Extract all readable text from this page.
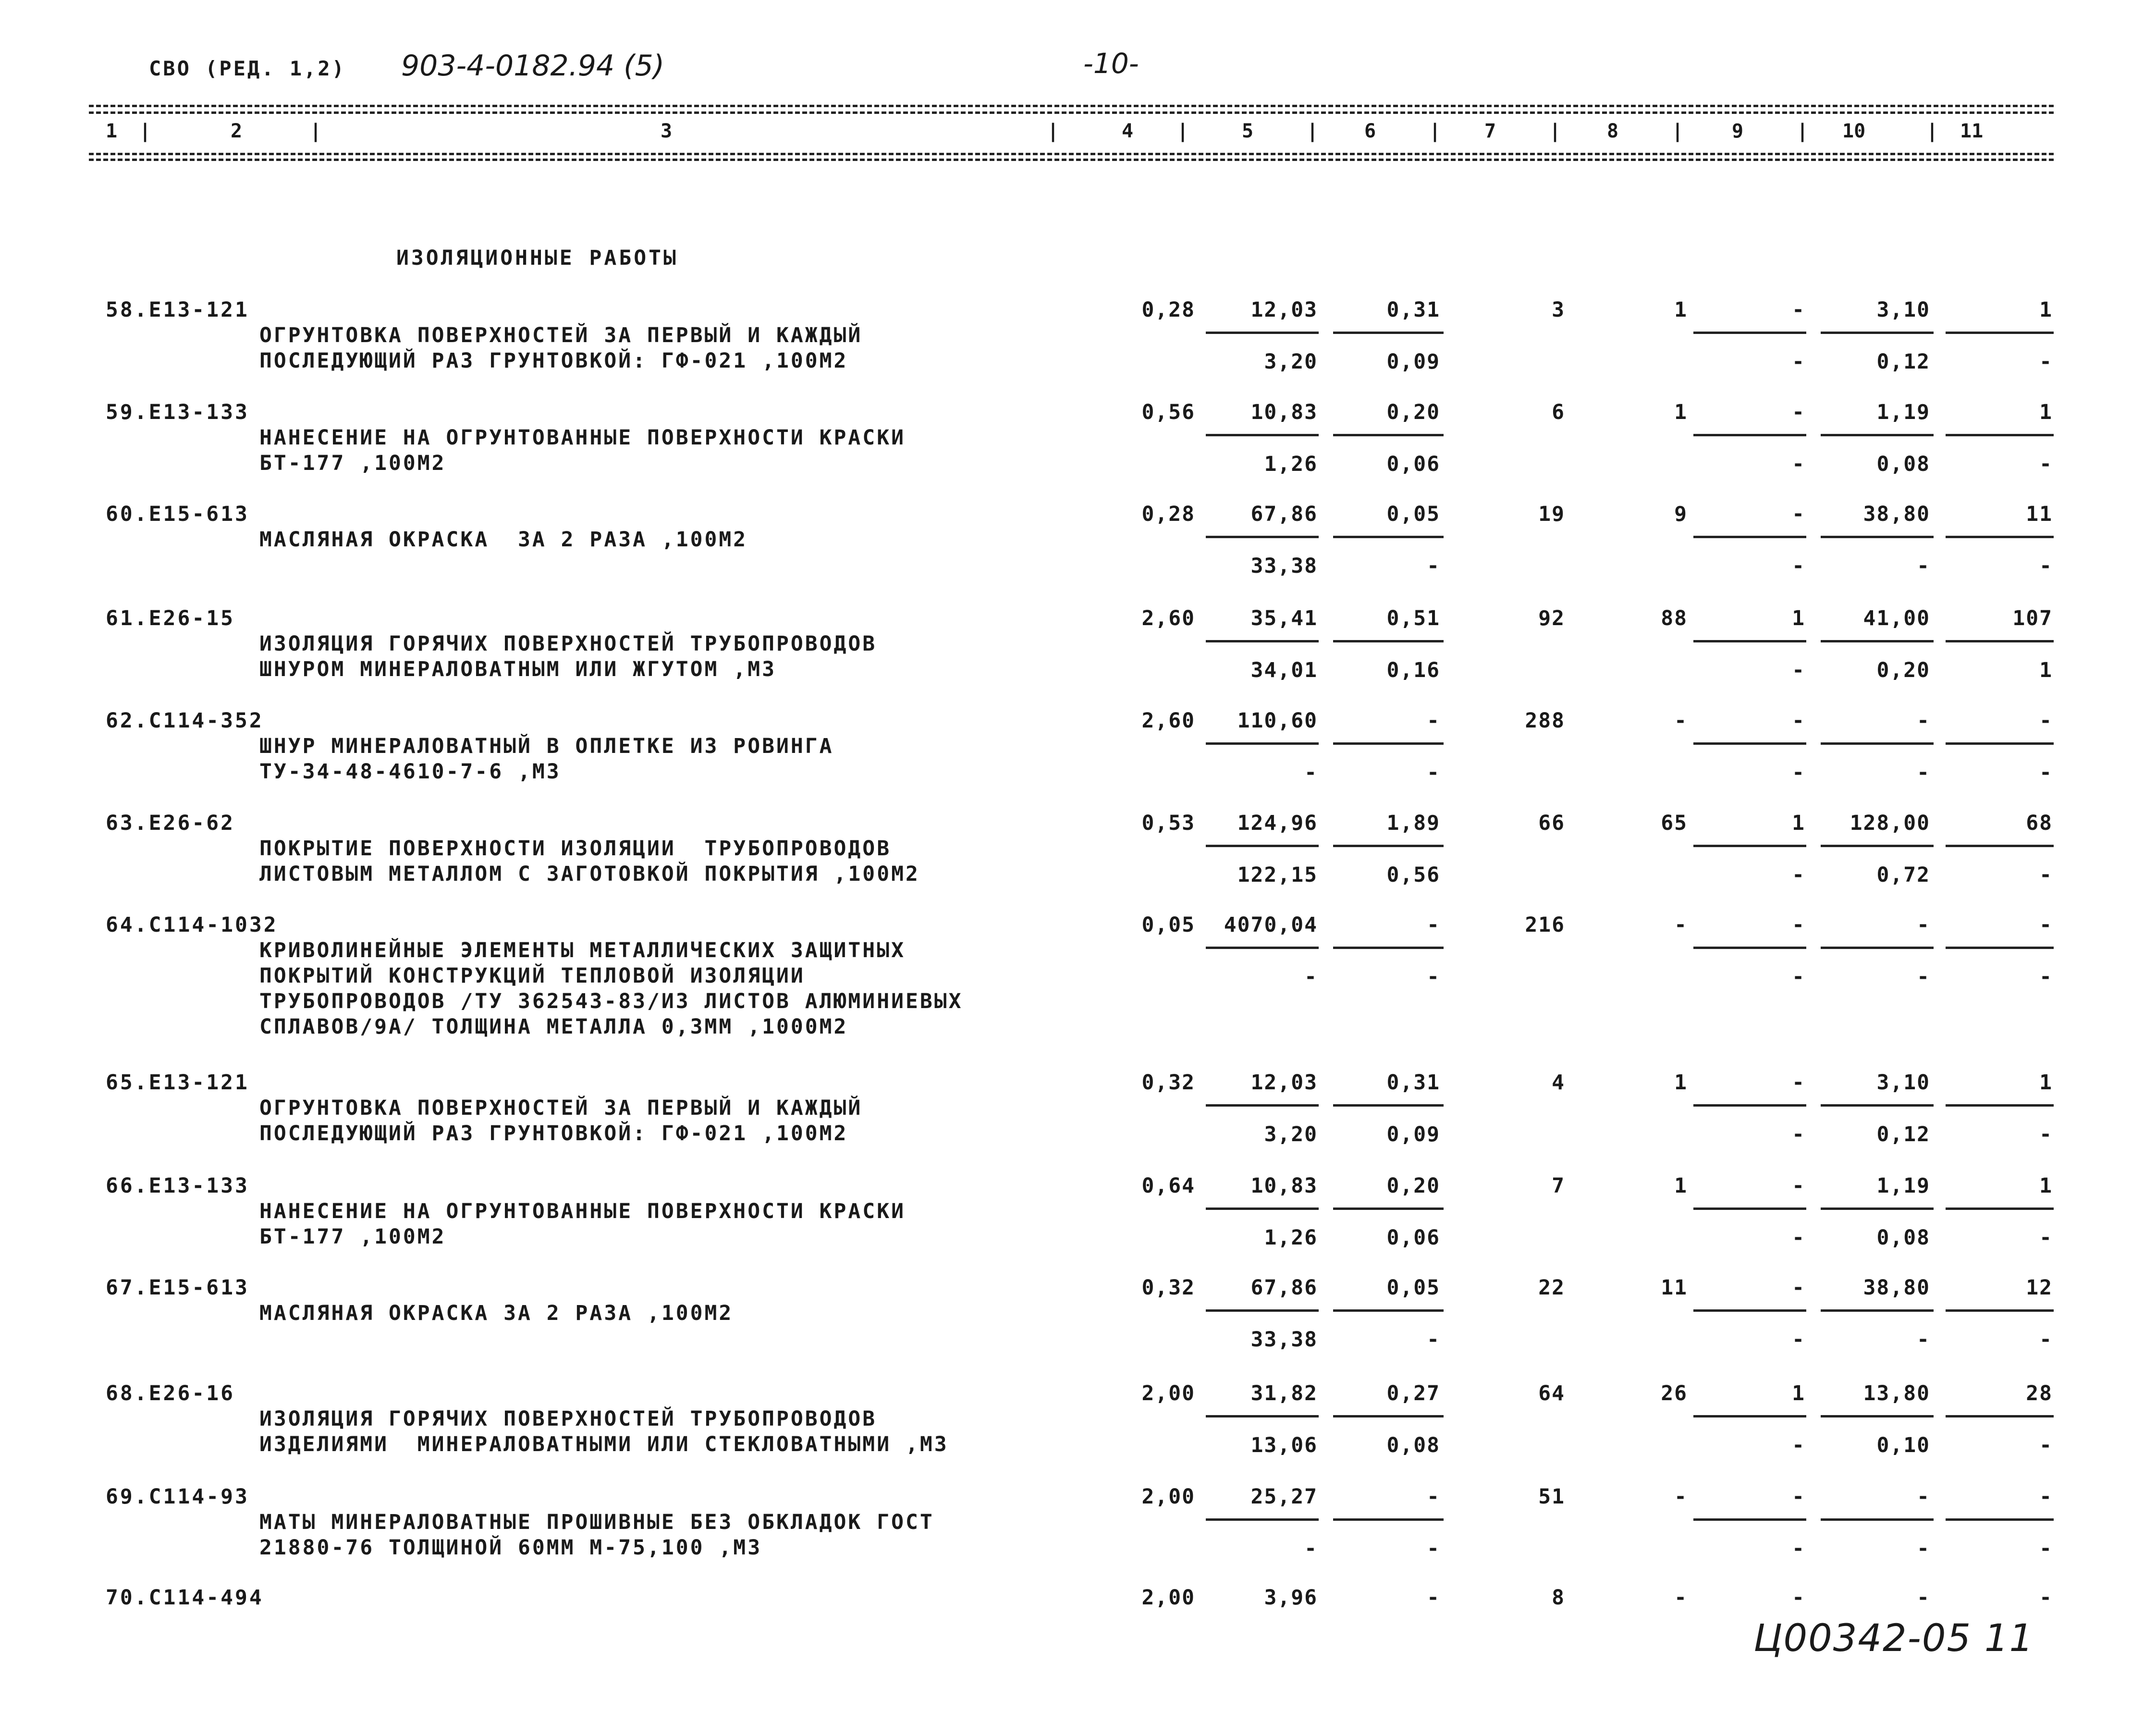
СВО (РЕД. 1,2) 903-4-0182.94 (5)	-10-
1 |	2	|	3	|	4 |	5	| 6	| 7	| 8	|	9	| 10	| 11
ИЗОЛЯЦИОННЫЕ РАБОТЫ
58.Е13-121
ОГРУНТОВКА ПОВЕРХНОСТЕЙ ЗА ПЕРВЫЙ И КАЖДЫЙ
ПОСЛЕДУЮЩИЙ РАЗ ГРУНТОВКОЙ: ГФ-021 ,100М2
0,28	12,03	0,31	3	1	-	3,10	1
3,20	0,09	-	0,12	-
59.Е13-133
НАНЕСЕНИЕ НА ОГРУНТОВАННЫЕ ПОВЕРХНОСТИ КРАСКИ
БТ-177 ,100М2
0,56	10,83	0,20	6	1	-	1,19	1
1,26	0,06	-	0,08	-
60.Е15-613
МАСЛЯНАЯ ОКРАСКА  ЗА 2 РАЗА ,100М2
0,28	67,86	0,05	19	9	-	38,80	11
33,38	-	-	-	-
61.Е26-15
ИЗОЛЯЦИЯ ГОРЯЧИХ ПОВЕРХНОСТЕЙ ТРУБОПРОВОДОВ
ШНУРОМ МИНЕРАЛОВАТНЫМ ИЛИ ЖГУТОМ ,М3
2,60	35,41	0,51	92	88	1	41,00	107
34,01	0,16	-	0,20	1
62.С114-352
ШНУР МИНЕРАЛОВАТНЫЙ В ОПЛЕТКЕ ИЗ РОВИНГА
ТУ-34-48-4610-7-6 ,М3
2,60 110,60	-	288	-	-	-	-
-	-	-	-	-
63.Е26-62
ПОКРЫТИЕ ПОВЕРХНОСТИ ИЗОЛЯЦИИ  ТРУБОПРОВОДОВ
ЛИСТОВЫМ МЕТАЛЛОМ С ЗАГОТОВКОЙ ПОКРЫТИЯ ,100М2
0,53 124,96	1,89	66	65	1 128,00	68
122,15	0,56	-	0,72	-
64.С114-1032
КРИВОЛИНЕЙНЫЕ ЭЛЕМЕНТЫ МЕТАЛЛИЧЕСКИХ ЗАЩИТНЫХ
ПОКРЫТИЙ КОНСТРУКЦИЙ ТЕПЛОВОЙ ИЗОЛЯЦИИ
ТРУБОПРОВОДОВ /ТУ 362543-83/ИЗ ЛИСТОВ АЛЮМИНИЕВЫХ
СПЛАВОВ/9А/ ТОЛЩИНА МЕТАЛЛА 0,3ММ ,1000М2
0,05 4070,04	-	216	-	-	-	-
-	-	-	-	-
65.Е13-121
ОГРУНТОВКА ПОВЕРХНОСТЕЙ ЗА ПЕРВЫЙ И КАЖДЫЙ
ПОСЛЕДУЮЩИЙ РАЗ ГРУНТОВКОЙ: ГФ-021 ,100М2
0,32	12,03	0,31	4	1	-	3,10	1
3,20	0,09	-	0,12	-
66.Е13-133
НАНЕСЕНИЕ НА ОГРУНТОВАННЫЕ ПОВЕРХНОСТИ КРАСКИ
БТ-177 ,100М2
0,64	10,83	0,20	7	1	-	1,19	1
1,26	0,06	-	0,08	-
67.Е15-613
МАСЛЯНАЯ ОКРАСКА ЗА 2 РАЗА ,100М2
0,32	67,86	0,05	22	11	-	38,80	12
33,38	-	-	-	-
68.Е26-16
ИЗОЛЯЦИЯ ГОРЯЧИХ ПОВЕРХНОСТЕЙ ТРУБОПРОВОДОВ
ИЗДЕЛИЯМИ  МИНЕРАЛОВАТНЫМИ ИЛИ СТЕКЛОВАТНЫМИ ,М3
2,00	31,82	0,27	64	26	1	13,80	28
13,06	0,08	-	0,10	-
69.С114-93
МАТЫ МИНЕРАЛОВАТНЫЕ ПРОШИВНЫЕ БЕЗ ОБКЛАДОК ГОСТ
21880-76 ТОЛЩИНОЙ 60ММ М-75,100 ,М3
2,00	25,27	-	51	-	-	-	-
-	-	-	-	-
70.С114-494	2,00	3,96	-	8	-	-	-	-
Ц00342-05 11
